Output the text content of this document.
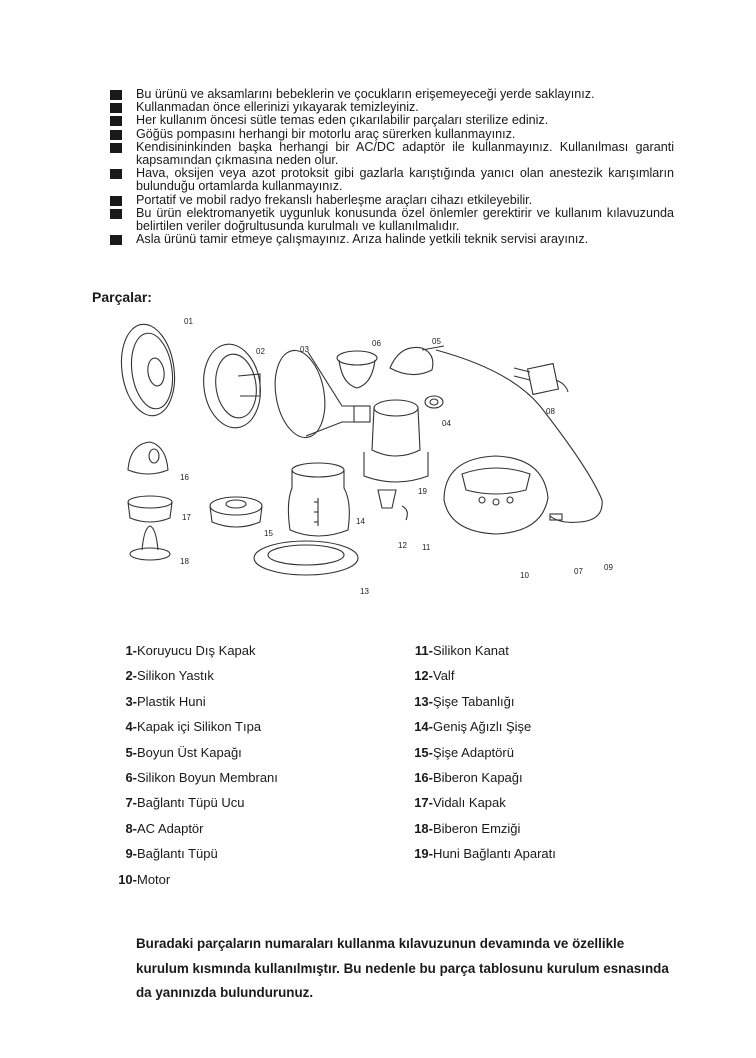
Bu ürünü ve aksamlarını bebeklerin ve çocukların erişemeyeceği yerde saklayınız.
Kullanmadan önce ellerinizi yıkayarak temizleyiniz.
Her kullanım öncesi sütle temas eden çıkarılabilir parçaları sterilize ediniz.
Göğüs pompasını herhangi bir motorlu araç sürerken kullanmayınız.
Kendisininkinden başka herhangi bir AC/DC adaptör ile kullanmayınız. Kullanılması garanti kapsamından çıkmasına neden olur.
Hava, oksijen veya azot protoksit gibi gazlarla karıştığında yanıcı olan anestezik karışımların bulunduğu ortamlarda kullanmayınız.
Portatif ve mobil radyo frekanslı haberleşme araçları cihazı etkileyebilir.
Bu ürün elektromanyetik uygunluk konusunda özel önlemler gerektirir ve kullanım kılavuzunda belirtilen veriler doğrultusunda kurulmalı ve kullanılmalıdır.
Asla ürünü tamir etmeye çalışmayınız. Arıza halinde yetkili teknik servisi arayınız.
Parçalar:
01
02	03
04
05
06
07
08
09
10
11
12
13
14
15
16
17
18
19
1-Koruyucu Dış Kapak
2-Silikon Yastık
3-Plastik Huni
4-Kapak içi Silikon Tıpa
5-Boyun Üst Kapağı
6-Silikon Boyun Membranı
7-Bağlantı Tüpü Ucu
8-AC Adaptör
9-Bağlantı Tüpü
10-Motor
11-Silikon Kanat
12-Valf
13-Şişe Tabanlığı
14-Geniş Ağızlı Şişe
15-Şişe Adaptörü
16-Biberon Kapağı
17-Vidalı Kapak
18-Biberon Emziği
19-Huni Bağlantı Aparatı
Buradaki parçaların numaraları kullanma kılavuzunun devamında ve özellikle kurulum kısmında kullanılmıştır. Bu nedenle bu parça tablosunu kurulum esnasında da yanınızda bulundurunuz.
